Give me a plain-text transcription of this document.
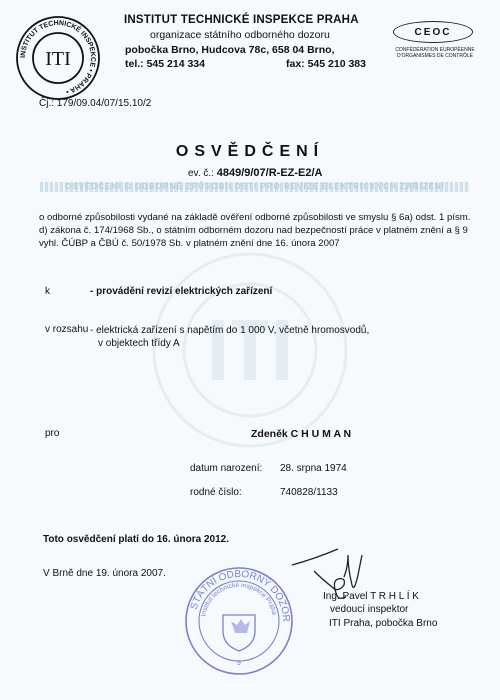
OSVĚDČENÍ O ODBORNÉ ZPŮSOBILOSTI PRO REVIZE ELEKTRICKÝCH ZAŘÍZENÍ
INSTITUT TECHNICKÉ INSPEKCE • PRAHA •
ITI
INSTITUT TECHNICKÉ INSPEKCE PRAHA
organizace státního odborného dozoru
pobočka Brno, Hudcova 78c, 658 04 Brno,
tel.: 545 214 334	fax: 545 210 383
CEOC
CONFÉDÉRATION EUROPÉENNE
D'ORGANISMES DE CONTRÔLE
Čj.: 179/09.04/07/15.10/2
OSVĚDČENÍ
ev. č.: 4849/9/07/R-EZ-E2/A
o odborné způsobilosti vydané na základě ověření odborné způsobilosti ve smyslu § 6a) odst. 1 písm. d) zákona č. 174/1968 Sb., o státním odborném dozoru nad bezpečností práce v platném znění a § 9 vyhl. ČÚBP a ČBÚ č. 50/1978 Sb. v platném znění dne 16. února 2007
k	- provádění revizí elektrických zařízení
v rozsahu - elektrická zařízení s napětím do 1 000 V, včetně hromosvodů,
v objektech třídy A
pro	Zdeněk C H U M A N
datum narození: 28. srpna 1974
rodné číslo:	740828/1133
Toto osvědčení platí do 16. února 2012.
V Brně dne 19. února 2007.
STÁTNÍ ODBORNÝ DOZOR
Institut technické inspekce Praha
9
Ing. Pavel T R H L Í K
vedoucí inspektor
ITI Praha, pobočka Brno
